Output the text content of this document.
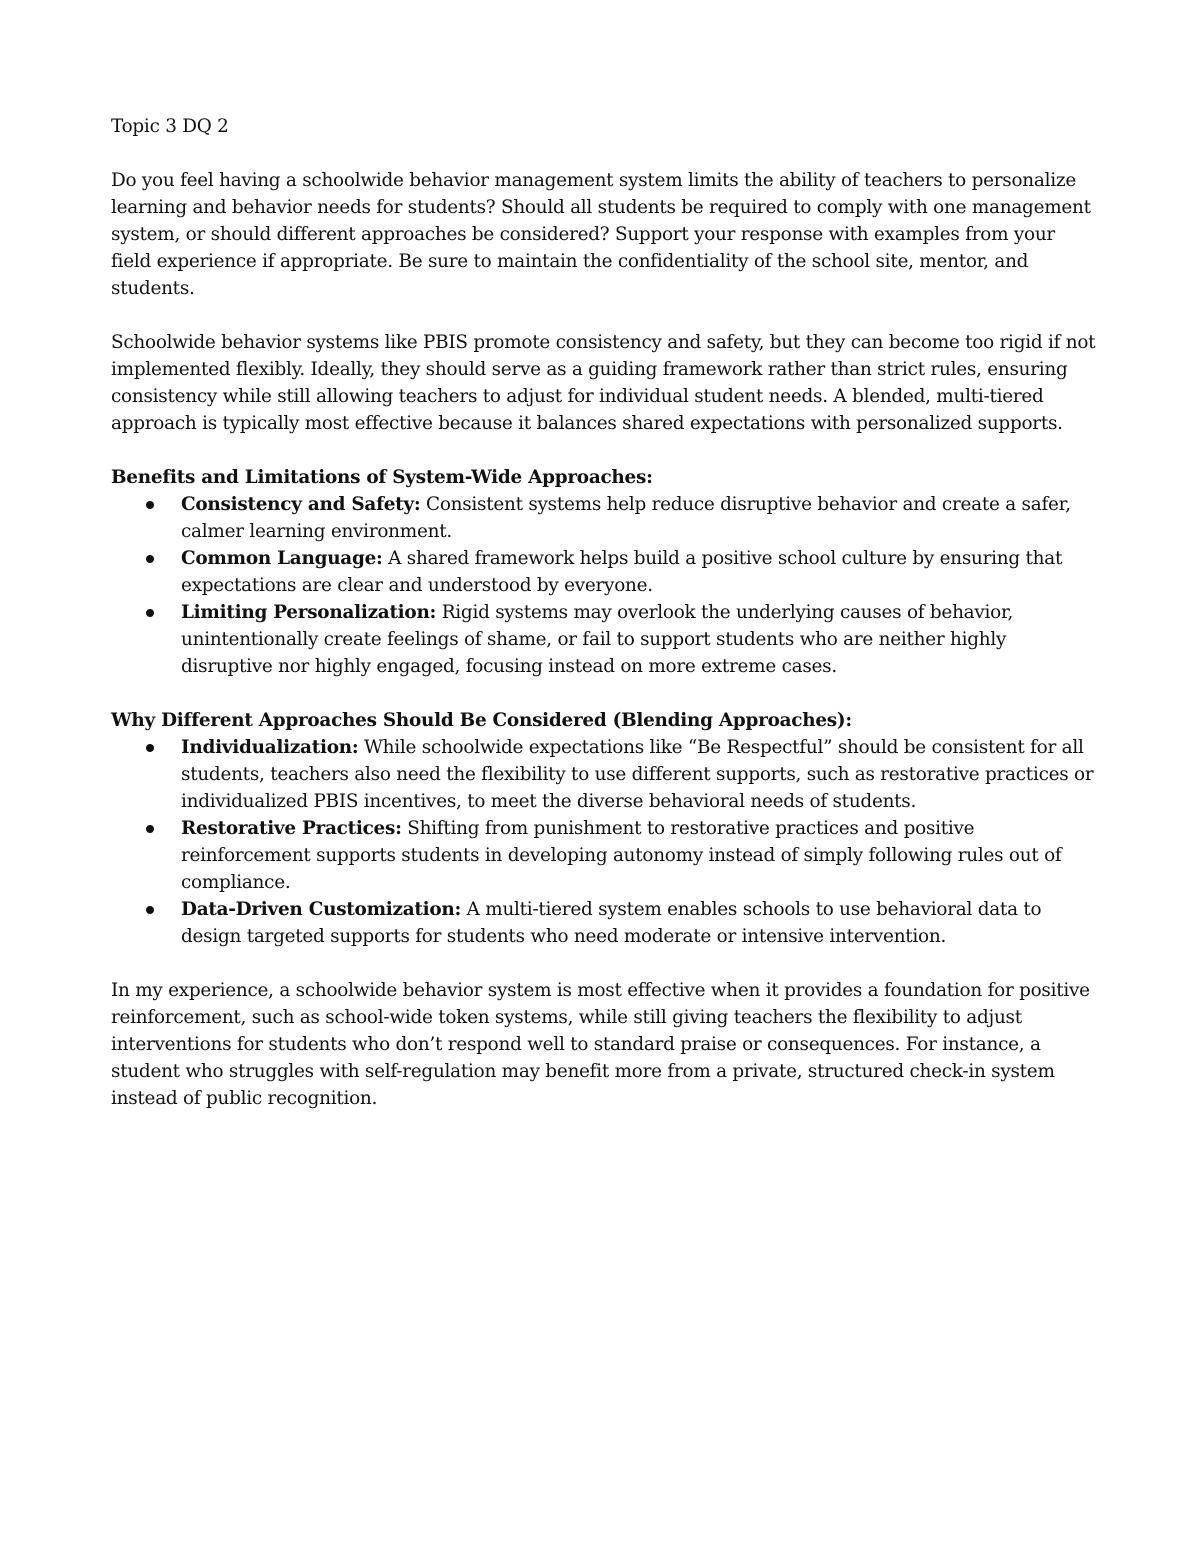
Topic 3 DQ 2

Do you feel having a schoolwide behavior management system limits the ability of teachers to personalize learning and behavior needs for students? Should all students be required to comply with one management system, or should different approaches be considered? Support your response with examples from your field experience if appropriate. Be sure to maintain the confidentiality of the school site, mentor, and students.

Schoolwide behavior systems like PBIS promote consistency and safety, but they can become too rigid if not implemented flexibly. Ideally, they should serve as a guiding framework rather than strict rules, ensuring consistency while still allowing teachers to adjust for individual student needs. A blended, multi-tiered approach is typically most effective because it balances shared expectations with personalized supports.

Benefits and Limitations of System-Wide Approaches:

Consistency and Safety: Consistent systems help reduce disruptive behavior and create a safer, calmer learning environment.
Common Language: A shared framework helps build a positive school culture by ensuring that expectations are clear and understood by everyone.
Limiting Personalization: Rigid systems may overlook the underlying causes of behavior, unintentionally create feelings of shame, or fail to support students who are neither highly disruptive nor highly engaged, focusing instead on more extreme cases.

Why Different Approaches Should Be Considered (Blending Approaches):

Individualization: While schoolwide expectations like “Be Respectful” should be consistent for all students, teachers also need the flexibility to use different supports, such as restorative practices or individualized PBIS incentives, to meet the diverse behavioral needs of students.
Restorative Practices: Shifting from punishment to restorative practices and positive reinforcement supports students in developing autonomy instead of simply following rules out of compliance.
Data-Driven Customization: A multi-tiered system enables schools to use behavioral data to design targeted supports for students who need moderate or intensive intervention.

In my experience, a schoolwide behavior system is most effective when it provides a foundation for positive reinforcement, such as school-wide token systems, while still giving teachers the flexibility to adjust interventions for students who don’t respond well to standard praise or consequences. For instance, a student who struggles with self-regulation may benefit more from a private, structured check-in system instead of public recognition.
